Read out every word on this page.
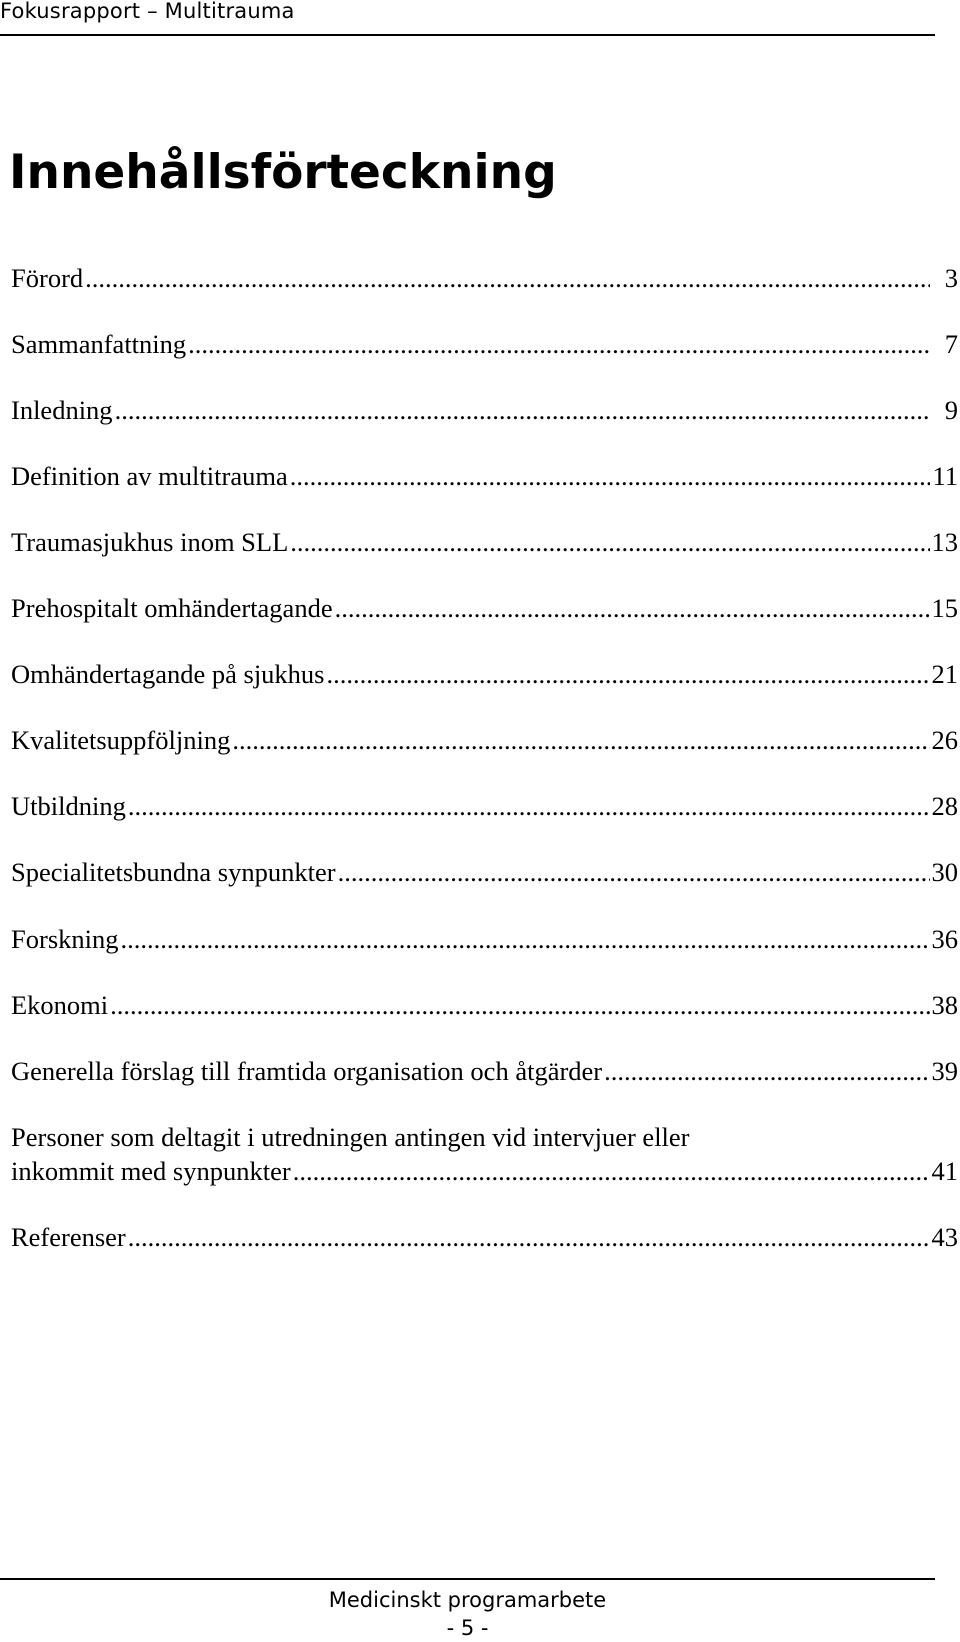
Fokusrapport – Multitrauma
Innehållsförteckning
Förord .....	3
Sammanfattning .....	7
Inledning .....	9
Definition av multitrauma .....	11
Traumasjukhus inom SLL .....	13
Prehospitalt omhändertagande .....	15
Omhändertagande på sjukhus .....	21
Kvalitetsuppföljning .....	26
Utbildning .....	28
Specialitetsbundna synpunkter .....	30
Forskning .....	36
Ekonomi .....	38
Generella förslag till framtida organisation och åtgärder .....	39
Personer som deltagit i utredningen antingen vid intervjuer eller
inkommit med synpunkter .....	41
Referenser .....	43
Medicinskt programarbete
- 5 -
